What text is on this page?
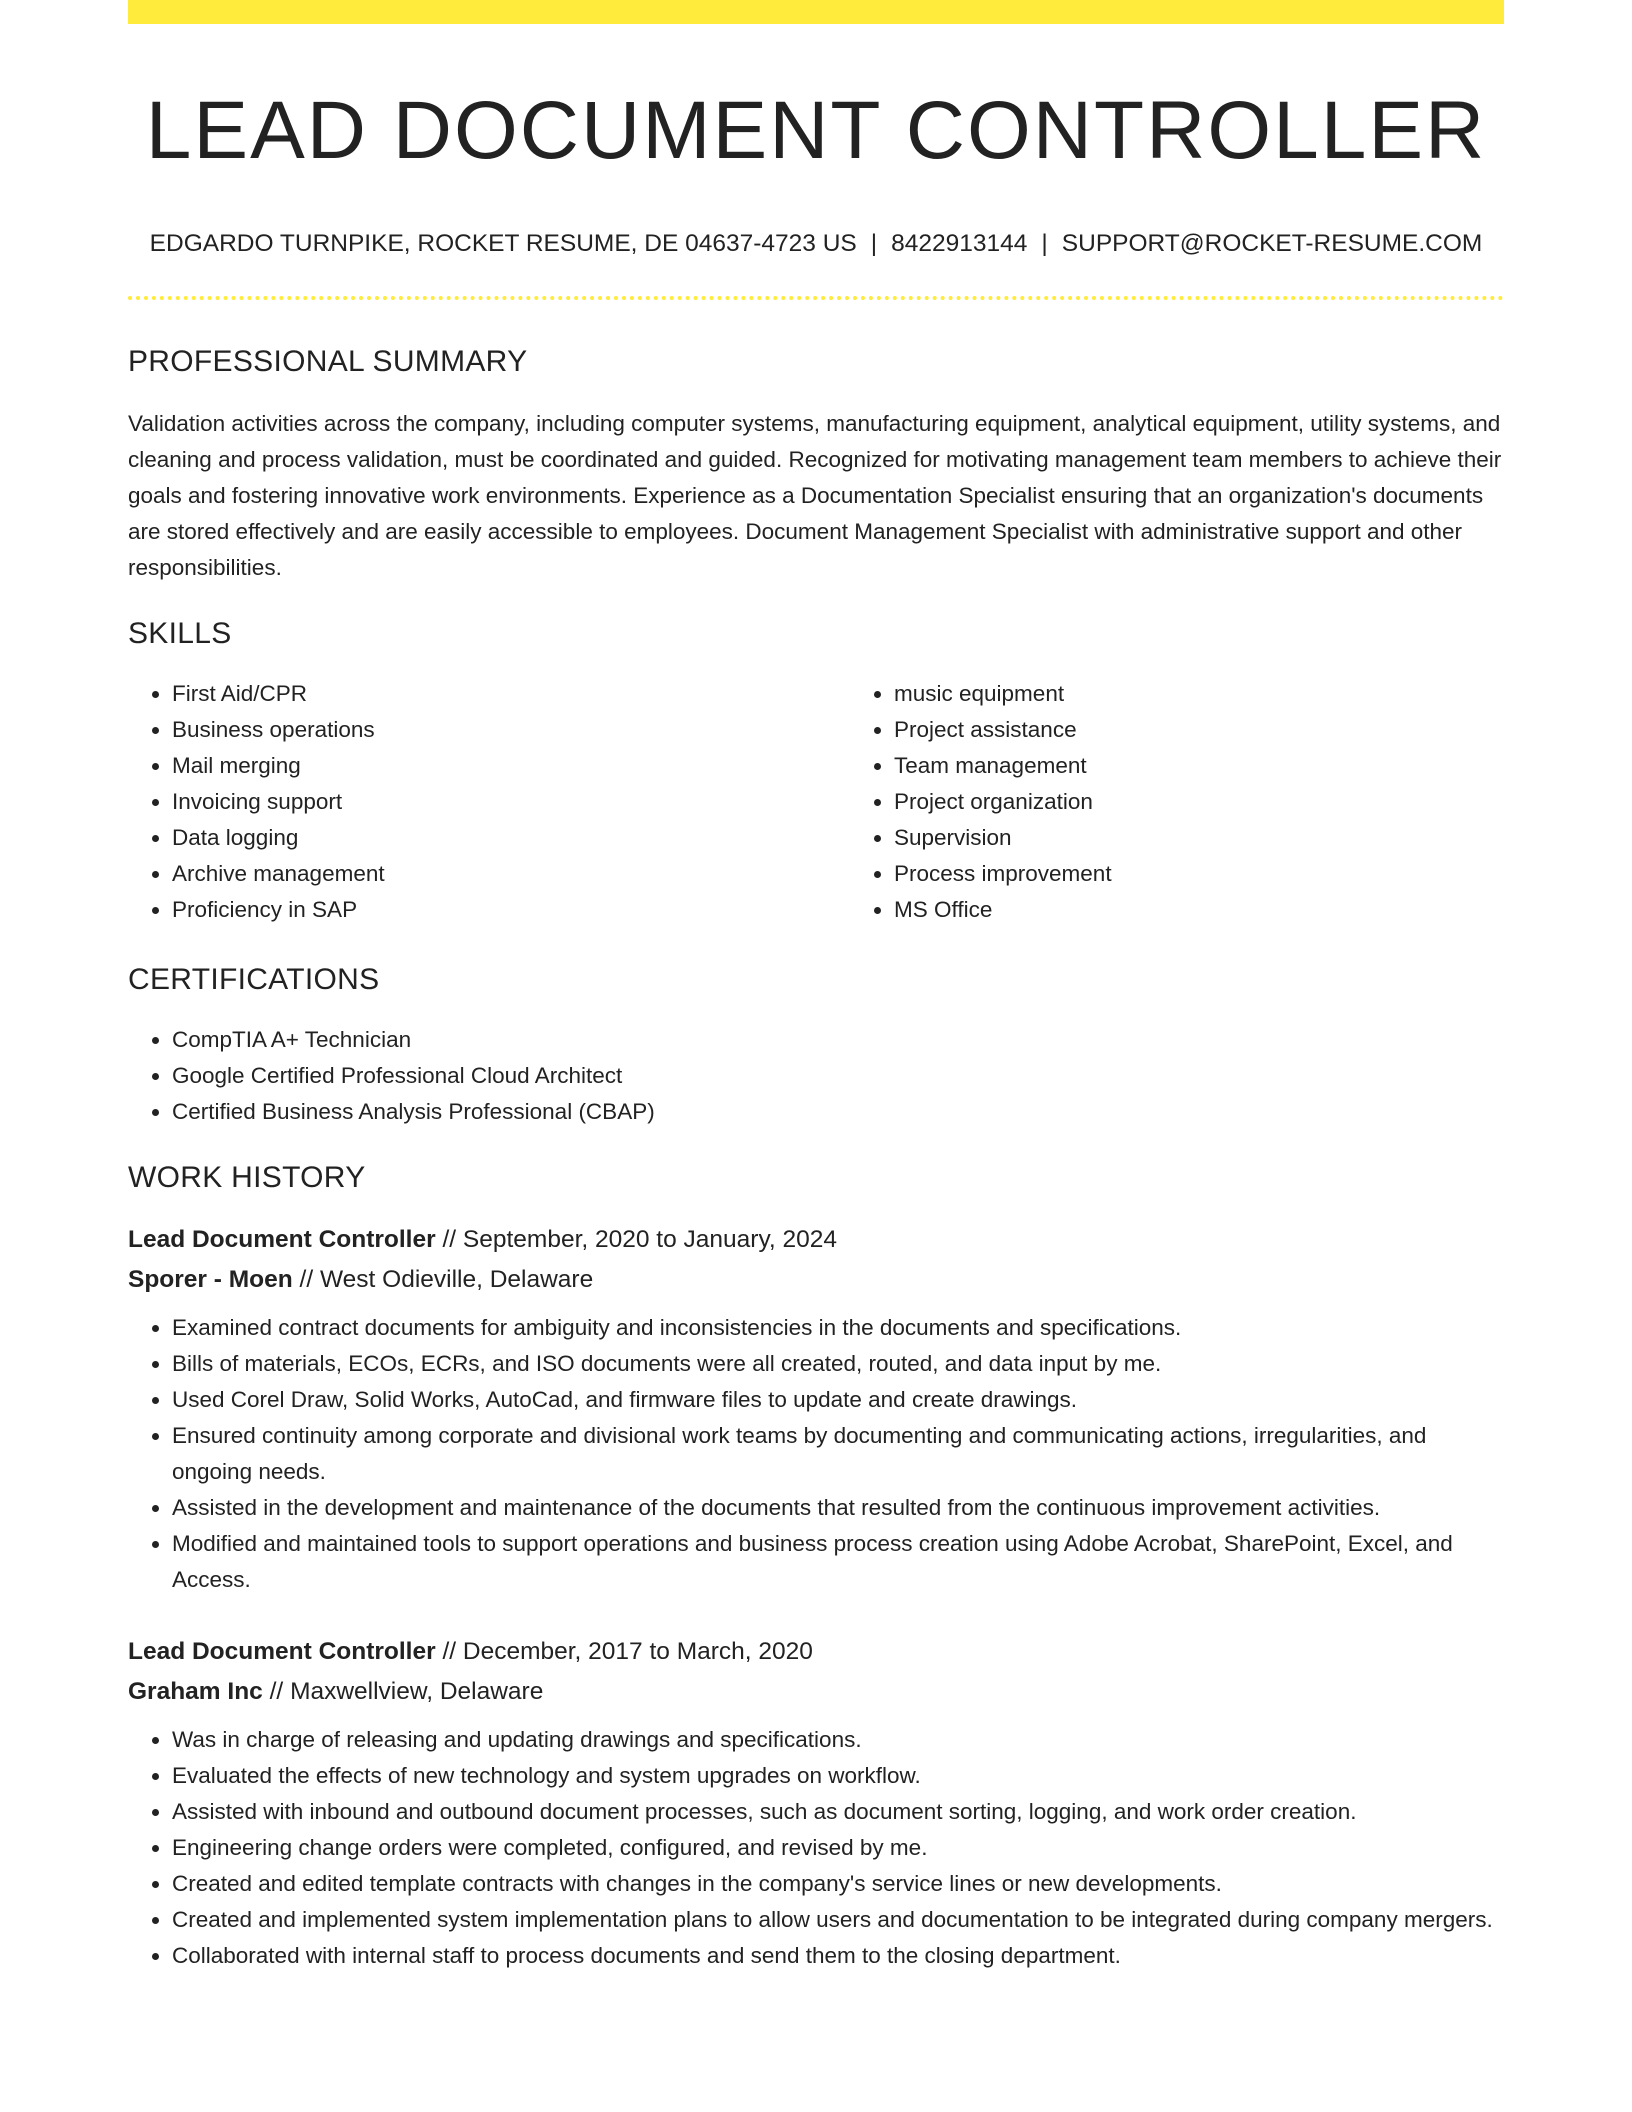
LEAD DOCUMENT CONTROLLER
EDGARDO TURNPIKE, ROCKET RESUME, DE 04637-4723 US | 8422913144 | SUPPORT@ROCKET-RESUME.COM
PROFESSIONAL SUMMARY
Validation activities across the company, including computer systems, manufacturing equipment, analytical equipment, utility systems, and cleaning and process validation, must be coordinated and guided. Recognized for motivating management team members to achieve their goals and fostering innovative work environments. Experience as a Documentation Specialist ensuring that an organization's documents are stored effectively and are easily accessible to employees. Document Management Specialist with administrative support and other responsibilities.
SKILLS
• First Aid/CPR
• Business operations
• Mail merging
• Invoicing support
• Data logging
• Archive management
• Proficiency in SAP
• music equipment
• Project assistance
• Team management
• Project organization
• Supervision
• Process improvement
• MS Office
CERTIFICATIONS
• CompTIA A+ Technician
• Google Certified Professional Cloud Architect
• Certified Business Analysis Professional (CBAP)
WORK HISTORY
Lead Document Controller // September, 2020 to January, 2024
Sporer - Moen // West Odieville, Delaware
• Examined contract documents for ambiguity and inconsistencies in the documents and specifications.
• Bills of materials, ECOs, ECRs, and ISO documents were all created, routed, and data input by me.
• Used Corel Draw, Solid Works, AutoCad, and firmware files to update and create drawings.
• Ensured continuity among corporate and divisional work teams by documenting and communicating actions, irregularities, and ongoing needs.
• Assisted in the development and maintenance of the documents that resulted from the continuous improvement activities.
• Modified and maintained tools to support operations and business process creation using Adobe Acrobat, SharePoint, Excel, and Access.
Lead Document Controller // December, 2017 to March, 2020
Graham Inc // Maxwellview, Delaware
• Was in charge of releasing and updating drawings and specifications.
• Evaluated the effects of new technology and system upgrades on workflow.
• Assisted with inbound and outbound document processes, such as document sorting, logging, and work order creation.
• Engineering change orders were completed, configured, and revised by me.
• Created and edited template contracts with changes in the company's service lines or new developments.
• Created and implemented system implementation plans to allow users and documentation to be integrated during company mergers.
• Collaborated with internal staff to process documents and send them to the closing department.
